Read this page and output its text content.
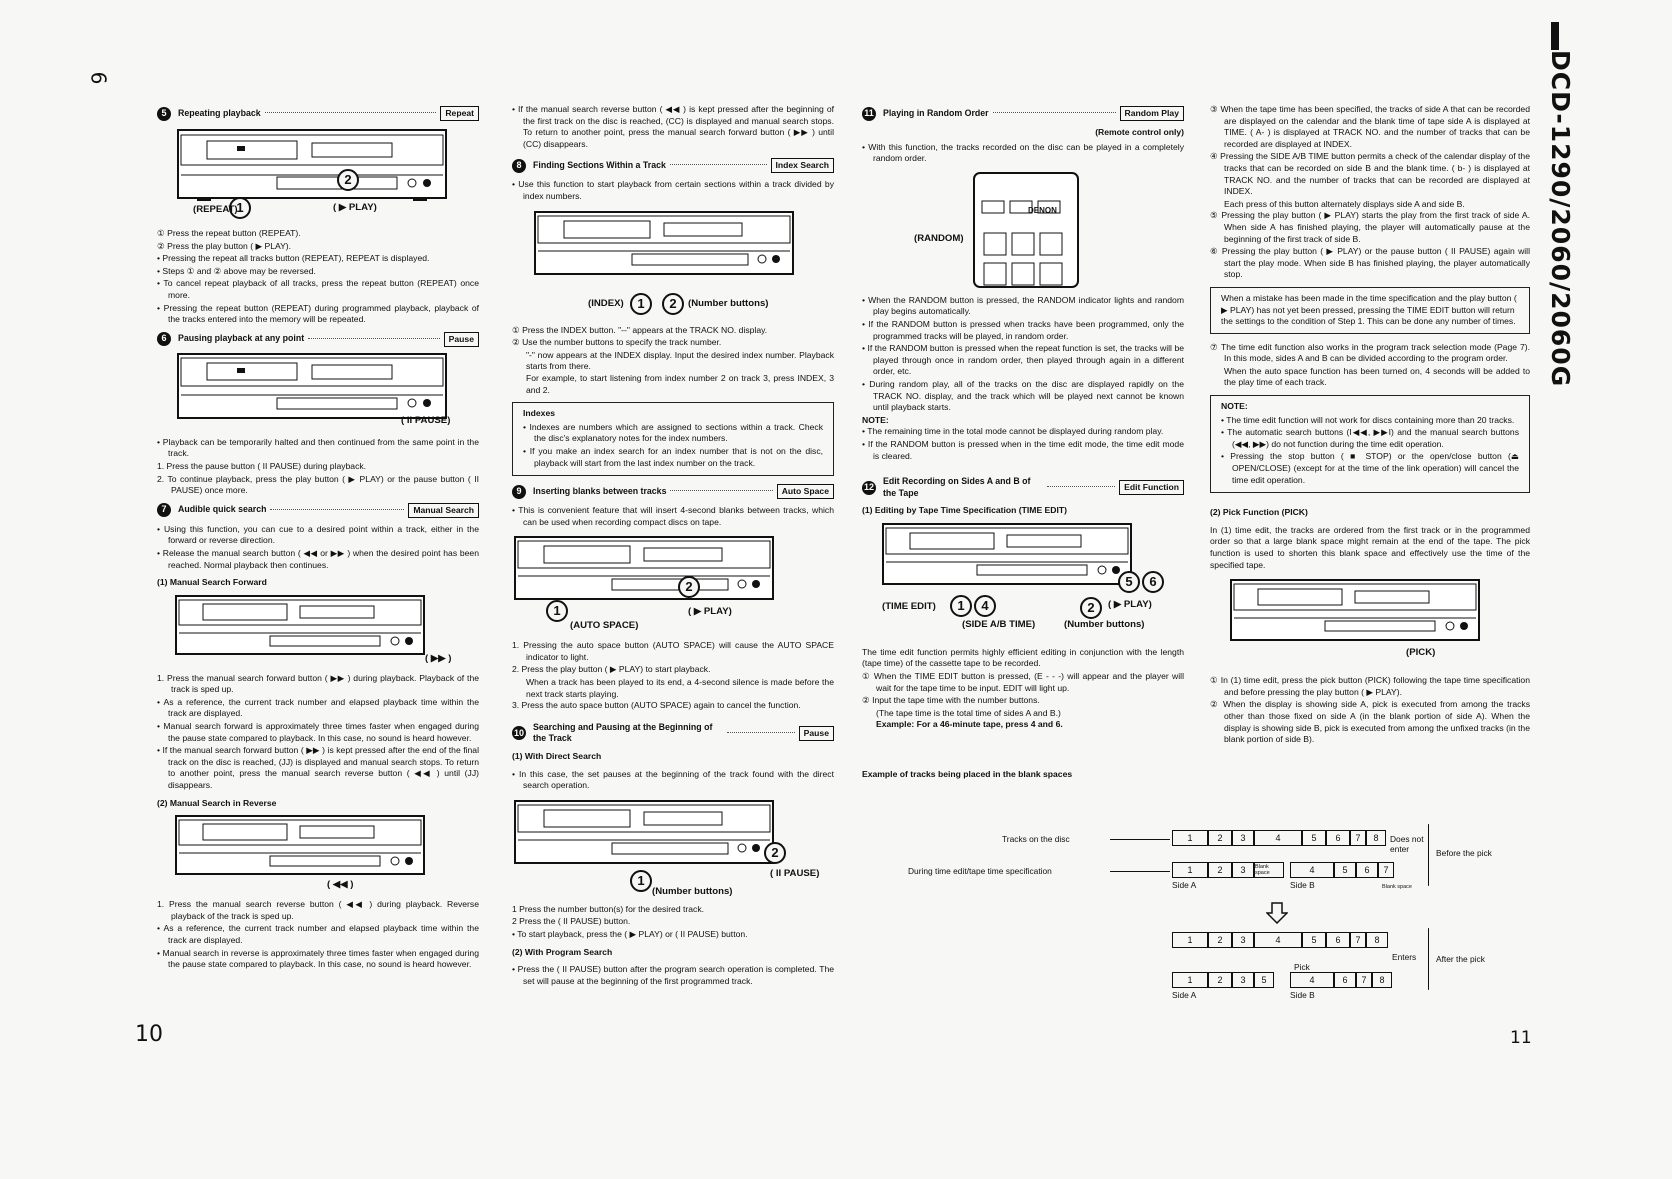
6
10	11
DCD-1290/2060/2060G
5	Repeating playback	Repeat
1
2
(REPEAT)	( ▶ PLAY)
① Press the repeat button (REPEAT).
② Press the play button ( ▶ PLAY).
• Pressing the repeat all tracks button (REPEAT), REPEAT is displayed.
• Steps ① and ② above may be reversed.
• To cancel repeat playback of all tracks, press the repeat button (REPEAT) once more.
• Pressing the repeat button (REPEAT) during programmed playback, playback of the tracks entered into the memory will be repeated.
6	Pausing playback at any point	Pause
( II PAUSE)
• Playback can be temporarily halted and then continued from the same point in the track.
1. Press the pause button ( II PAUSE) during playback.
2. To continue playback, press the play button ( ▶ PLAY) or the pause button ( II PAUSE) once more.
7	Audible quick search	Manual Search
• Using this function, you can cue to a desired point within a track, either in the forward or reverse direction.
• Release the manual search button ( ◀◀ or ▶▶ ) when the desired point has been reached. Normal playback then continues.
(1) Manual Search Forward
( ▶▶ )
1. Press the manual search forward button ( ▶▶ ) during playback. Playback of the track is sped up.
• As a reference, the current track number and elapsed playback time within the track are displayed.
• Manual search forward is approximately three times faster when engaged during the pause state compared to playback. In this case, no sound is heard however.
• If the manual search forward button ( ▶▶ ) is kept pressed after the end of the final track on the disc is reached, (JJ) is displayed and manual search stops. To return to another point, press the manual search reverse button ( ◀◀ ) until (JJ) disappears.
(2) Manual Search in Reverse
( ◀◀ )
1. Press the manual search reverse button ( ◀◀ ) during playback. Reverse playback of the track is sped up.
• As a reference, the current track number and elapsed playback time within the track are displayed.
• Manual search in reverse is approximately three times faster when engaged during the pause state compared to playback. In this case, no sound is heard however.
• If the manual search reverse button ( ◀◀ ) is kept pressed after the beginning of the first track on the disc is reached, (CC) is displayed and manual search stops. To return to another point, press the manual search forward button ( ▶▶ ) until (CC) disappears.
8	Finding Sections Within a Track	Index Search
• Use this function to start playback from certain sections within a track divided by index numbers.
1	2
(INDEX)	(Number buttons)
① Press the INDEX button. "--" appears at the TRACK NO. display.
② Use the number buttons to specify the track number.
"-" now appears at the INDEX display. Input the desired index number. Playback starts from there.
For example, to start listening from index number 2 on track 3, press INDEX, 3 and 2.
Indexes
• Indexes are numbers which are assigned to sections within a track. Check the disc's explanatory notes for the index numbers.
• If you make an index search for an index number that is not on the disc, playback will start from the last index number on the track.
9	Inserting blanks between tracks	Auto Space
• This is convenient feature that will insert 4-second blanks between tracks, which can be used when recording compact discs on tape.
1
2
(AUTO SPACE)
( ▶ PLAY)
1. Pressing the auto space button (AUTO SPACE) will cause the AUTO SPACE indicator to light.
2. Press the play button ( ▶ PLAY) to start playback.
When a track has been played to its end, a 4-second silence is made before the next track starts playing.
3. Press the auto space button (AUTO SPACE) again to cancel the function.
10
Searching and Pausing at the Beginning of the Track
Pause
(1) With Direct Search
• In this case, the set pauses at the beginning of the track found with the direct search operation.
1
2
( II PAUSE)
(Number buttons)
1 Press the number button(s) for the desired track.
2 Press the ( II PAUSE) button.
• To start playback, press the ( ▶ PLAY) or ( II PAUSE) button.
(2) With Program Search
• Press the ( II PAUSE) button after the program search operation is completed. The set will pause at the beginning of the first programmed track.
11 Playing in Random Order	Random Play
(Remote control only)
• With this function, the tracks recorded on the disc can be played in a completely random order.
DENON
(RANDOM)
• When the RANDOM button is pressed, the RANDOM indicator lights and random play begins automatically.
• If the RANDOM button is pressed when tracks have been programmed, only the programmed tracks will be played, in random order.
• If the RANDOM button is pressed when the repeat function is set, the tracks will be played through once in random order, then played through again in a different order, etc.
• During random play, all of the tracks on the disc are displayed rapidly on the TRACK NO. display, and the track which will be played next cannot be known until playback starts.
NOTE:
• The remaining time in the total mode cannot be displayed during random play.
• If the RANDOM button is pressed when in the time edit mode, the time edit mode is cleared.
12
Edit Recording on Sides A and B of the Tape
Edit Function
(1) Editing by Tape Time Specification (TIME EDIT)
1	4	2
5	6
(TIME EDIT)
(SIDE A/B TIME)	(Number buttons)
( ▶ PLAY)
The time edit function permits highly efficient editing in conjunction with the length (tape time) of the cassette tape to be recorded.
① When the TIME EDIT button is pressed, (E - - -) will appear and the player will wait for the tape time to be input. EDIT will light up.
② Input the tape time with the number buttons.
(The tape time is the total time of sides A and B.)
Example: For a 46-minute tape, press 4 and 6.
Example of tracks being placed in the blank spaces
③ When the tape time has been specified, the tracks of side A that can be recorded are displayed on the calendar and the blank time of tape side A is displayed at TIME. ( A- ) is displayed at TRACK NO. and the number of tracks that can be recorded are displayed at INDEX.
④ Pressing the SIDE A/B TIME button permits a check of the calendar display of the tracks that can be recorded on side B and the blank time. ( b- ) is displayed at TRACK NO. and the number of tracks that can be recorded are displayed at INDEX.
Each press of this button alternately displays side A and side B.
⑤ Pressing the play button ( ▶ PLAY) starts the play from the first track of side A. When side A has finished playing, the player will automatically pause at the beginning of the first track of side B.
⑥ Pressing the play button ( ▶ PLAY) or the pause button ( II PAUSE) again will start the play mode. When side B has finished playing, the player automatically stop.
When a mistake has been made in the time specification and the play button ( ▶ PLAY) has not yet been pressed, pressing the TIME EDIT button will return the settings to the condition of Step 1. This can be done any number of times.
⑦ The time edit function also works in the program track selection mode (Page 7). In this mode, sides A and B can be divided according to the program order.
When the auto space function has been turned on, 4 seconds will be added to the play time of each track.
NOTE:
• The time edit function will not work for discs containing more than 20 tracks.
• The automatic search buttons (I◀◀, ▶▶I) and the manual search buttons (◀◀, ▶▶) do not function during the time edit operation.
• Pressing the stop button ( ■ STOP) or the open/close button (⏏ OPEN/CLOSE) (except for at the time of the link operation) will cancel the time edit operation.
(2) Pick Function (PICK)
In (1) time edit, the tracks are ordered from the first track or in the programmed order so that a large blank space might remain at the end of the tape. The pick function is used to shorten this blank space and effectively use the time of the specified tape.
(PICK)
① In (1) time edit, press the pick button (PICK) following the tape time specification and before pressing the play button ( ▶ PLAY).
② When the display is showing side A, pick is executed from among the tracks other than those fixed on side A (in the blank portion of side A). When the display is showing side B, pick is executed from among the unfixed tracks (in the blank portion of side B).
Tracks on the disc
During time edit/tape time specification
1	2	3	4	5	6	7	8	Does not enter
1	2	3	Blank space	4	5	6	7
Side A	Side B	Blank space
Before the pick
1	2	3	4	5	6	7	8
Enters
Pick
1	2	3	5	4	6	7	8
Side A	Side B
After the pick
